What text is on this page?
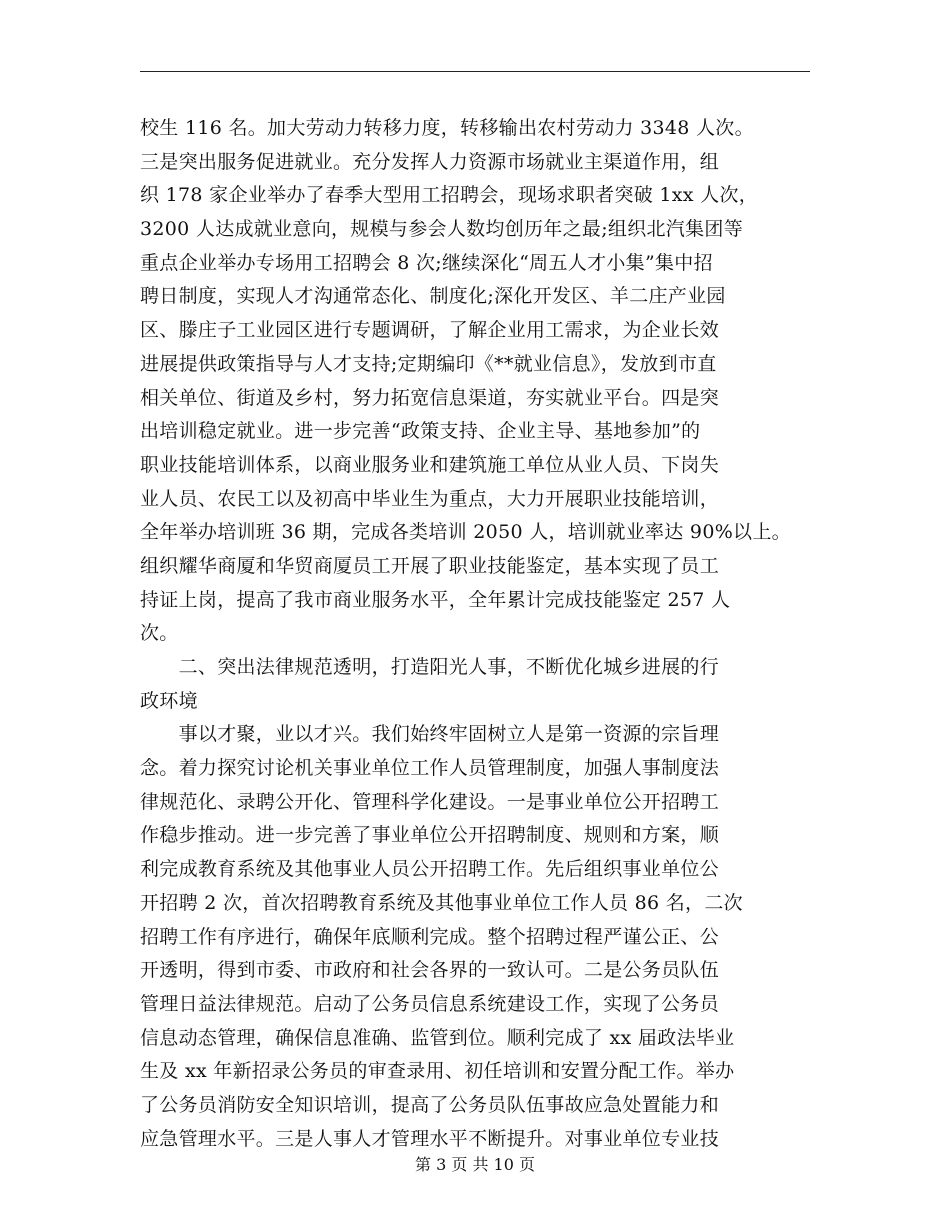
校生 116 名。加大劳动力转移力度，转移输出农村劳动力 3348 人次。
三是突出服务促进就业。充分发挥人力资源市场就业主渠道作用，组
织 178 家企业举办了春季大型用工招聘会，现场求职者突破 1xx 人次，
3200 人达成就业意向，规模与参会人数均创历年之最;组织北汽集团等
重点企业举办专场用工招聘会 8 次;继续深化“周五人才小集”集中招
聘日制度，实现人才沟通常态化、制度化;深化开发区、羊二庄产业园
区、滕庄子工业园区进行专题调研，了解企业用工需求，为企业长效
进展提供政策指导与人才支持;定期编印《**就业信息》，发放到市直
相关单位、街道及乡村，努力拓宽信息渠道，夯实就业平台。四是突
出培训稳定就业。进一步完善“政策支持、企业主导、基地参加”的
职业技能培训体系，以商业服务业和建筑施工单位从业人员、下岗失
业人员、农民工以及初高中毕业生为重点，大力开展职业技能培训，
全年举办培训班 36 期，完成各类培训 2050 人，培训就业率达 90%以上。
组织耀华商厦和华贸商厦员工开展了职业技能鉴定，基本实现了员工
持证上岗，提高了我市商业服务水平，全年累计完成技能鉴定 257 人
次。
　　二、突出法律规范透明，打造阳光人事，不断优化城乡进展的行
政环境
　　事以才聚，业以才兴。我们始终牢固树立人是第一资源的宗旨理
念。着力探究讨论机关事业单位工作人员管理制度，加强人事制度法
律规范化、录聘公开化、管理科学化建设。一是事业单位公开招聘工
作稳步推动。进一步完善了事业单位公开招聘制度、规则和方案，顺
利完成教育系统及其他事业人员公开招聘工作。先后组织事业单位公
开招聘 2 次，首次招聘教育系统及其他事业单位工作人员 86 名，二次
招聘工作有序进行，确保年底顺利完成。整个招聘过程严谨公正、公
开透明，得到市委、市政府和社会各界的一致认可。二是公务员队伍
管理日益法律规范。启动了公务员信息系统建设工作，实现了公务员
信息动态管理，确保信息准确、监管到位。顺利完成了 xx 届政法毕业
生及 xx 年新招录公务员的审查录用、初任培训和安置分配工作。举办
了公务员消防安全知识培训，提高了公务员队伍事故应急处置能力和
应急管理水平。三是人事人才管理水平不断提升。对事业单位专业技
第 3 页 共 10 页
